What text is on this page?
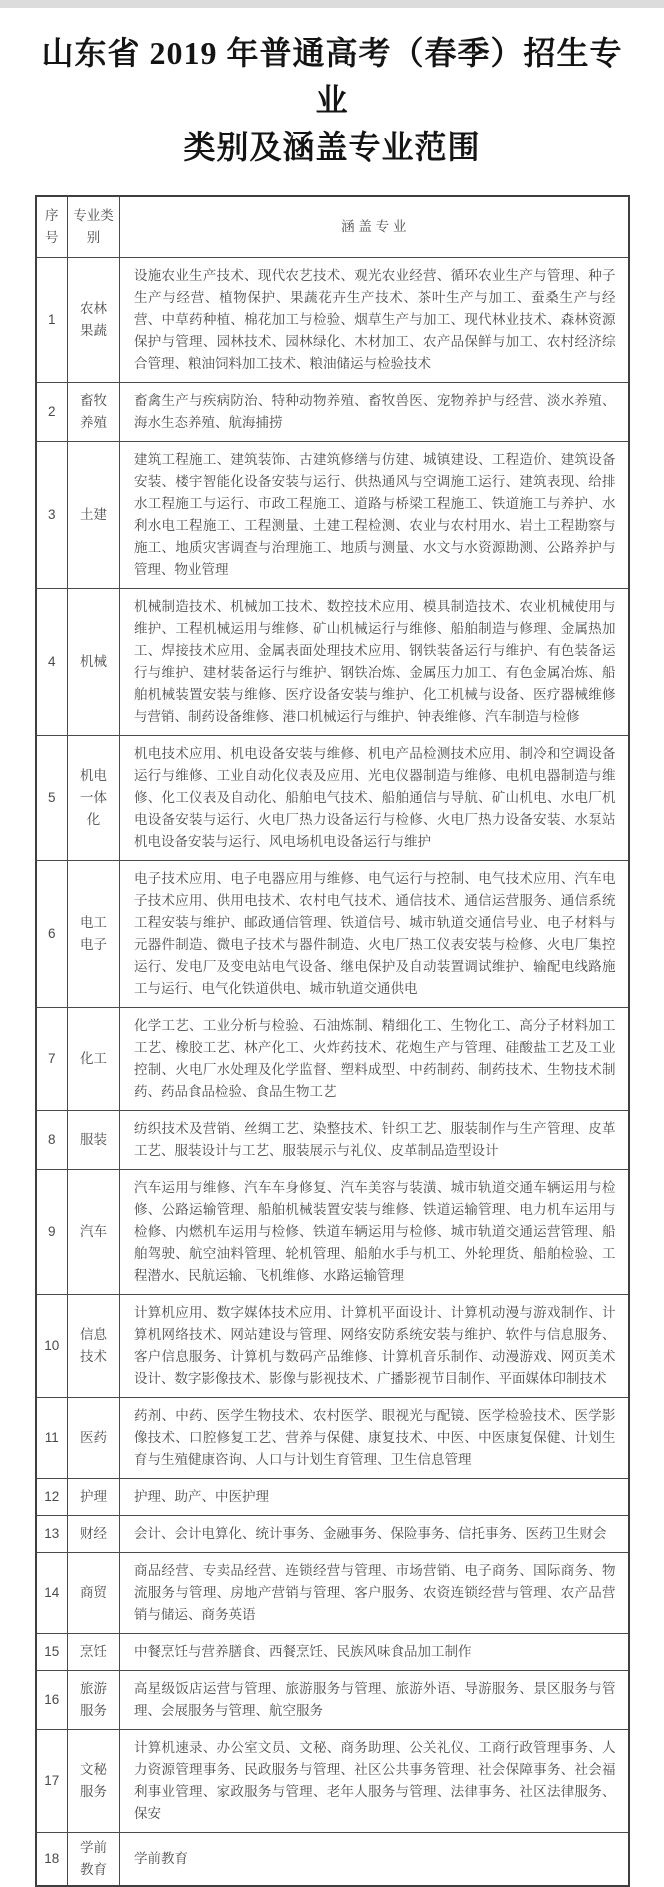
山东省 2019 年普通高考（春季）招生专业
类别及涵盖专业范围
序号	专业类别	涵 盖 专 业
1	农林果蔬	设施农业生产技术、现代农艺技术、观光农业经营、循环农业生产与管理、种子生产与经营、植物保护、果蔬花卉生产技术、茶叶生产与加工、蚕桑生产与经营、中草药种植、棉花加工与检验、烟草生产与加工、现代林业技术、森林资源保护与管理、园林技术、园林绿化、木材加工、农产品保鲜与加工、农村经济综合管理、粮油饲料加工技术、粮油储运与检验技术
2	畜牧养殖	畜禽生产与疾病防治、特种动物养殖、畜牧兽医、宠物养护与经营、淡水养殖、海水生态养殖、航海捕捞
3	土建	建筑工程施工、建筑装饰、古建筑修缮与仿建、城镇建设、工程造价、建筑设备安装、楼宇智能化设备安装与运行、供热通风与空调施工运行、建筑表现、给排水工程施工与运行、市政工程施工、道路与桥梁工程施工、铁道施工与养护、水利水电工程施工、工程测量、土建工程检测、农业与农村用水、岩土工程勘察与施工、地质灾害调查与治理施工、地质与测量、水文与水资源勘测、公路养护与管理、物业管理
4	机械	机械制造技术、机械加工技术、数控技术应用、模具制造技术、农业机械使用与维护、工程机械运用与维修、矿山机械运行与维修、船舶制造与修理、金属热加工、焊接技术应用、金属表面处理技术应用、钢铁装备运行与维护、有色装备运行与维护、建材装备运行与维护、钢铁冶炼、金属压力加工、有色金属冶炼、船舶机械装置安装与维修、医疗设备安装与维护、化工机械与设备、医疗器械维修与营销、制药设备维修、港口机械运行与维护、钟表维修、汽车制造与检修
5	机电一体化	机电技术应用、机电设备安装与维修、机电产品检测技术应用、制冷和空调设备运行与维修、工业自动化仪表及应用、光电仪器制造与维修、电机电器制造与维修、化工仪表及自动化、船舶电气技术、船舶通信与导航、矿山机电、水电厂机电设备安装与运行、火电厂热力设备运行与检修、火电厂热力设备安装、水泵站机电设备安装与运行、风电场机电设备运行与维护
6	电工电子	电子技术应用、电子电器应用与维修、电气运行与控制、电气技术应用、汽车电子技术应用、供用电技术、农村电气技术、通信技术、通信运营服务、通信系统工程安装与维护、邮政通信管理、铁道信号、城市轨道交通信号业、电子材料与元器件制造、微电子技术与器件制造、火电厂热工仪表安装与检修、火电厂集控运行、发电厂及变电站电气设备、继电保护及自动装置调试维护、输配电线路施工与运行、电气化铁道供电、城市轨道交通供电
7	化工	化学工艺、工业分析与检验、石油炼制、精细化工、生物化工、高分子材料加工工艺、橡胶工艺、林产化工、火炸药技术、花炮生产与管理、硅酸盐工艺及工业控制、火电厂水处理及化学监督、塑料成型、中药制药、制药技术、生物技术制药、药品食品检验、食品生物工艺
8	服装	纺织技术及营销、丝绸工艺、染整技术、针织工艺、服装制作与生产管理、皮革工艺、服装设计与工艺、服装展示与礼仪、皮革制品造型设计
9	汽车	汽车运用与维修、汽车车身修复、汽车美容与装潢、城市轨道交通车辆运用与检修、公路运输管理、船舶机械装置安装与维修、铁道运输管理、电力机车运用与检修、内燃机车运用与检修、铁道车辆运用与检修、城市轨道交通运营管理、船舶驾驶、航空油料管理、轮机管理、船舶水手与机工、外轮理货、船舶检验、工程潜水、民航运输、飞机维修、水路运输管理
10	信息技术	计算机应用、数字媒体技术应用、计算机平面设计、计算机动漫与游戏制作、计算机网络技术、网站建设与管理、网络安防系统安装与维护、软件与信息服务、客户信息服务、计算机与数码产品维修、计算机音乐制作、动漫游戏、网页美术设计、数字影像技术、影像与影视技术、广播影视节目制作、平面媒体印制技术
11	医药	药剂、中药、医学生物技术、农村医学、眼视光与配镜、医学检验技术、医学影像技术、口腔修复工艺、营养与保健、康复技术、中医、中医康复保健、计划生育与生殖健康咨询、人口与计划生育管理、卫生信息管理
12	护理	护理、助产、中医护理
13	财经	会计、会计电算化、统计事务、金融事务、保险事务、信托事务、医药卫生财会
14	商贸	商品经营、专卖品经营、连锁经营与管理、市场营销、电子商务、国际商务、物流服务与管理、房地产营销与管理、客户服务、农资连锁经营与管理、农产品营销与储运、商务英语
15	烹饪	中餐烹饪与营养膳食、西餐烹饪、民族风味食品加工制作
16	旅游服务	高星级饭店运营与管理、旅游服务与管理、旅游外语、导游服务、景区服务与管理、会展服务与管理、航空服务
17	文秘服务	计算机速录、办公室文员、文秘、商务助理、公关礼仪、工商行政管理事务、人力资源管理事务、民政服务与管理、社区公共事务管理、社会保障事务、社会福利事业管理、家政服务与管理、老年人服务与管理、法律事务、社区法律服务、保安
18	学前教育	学前教育
